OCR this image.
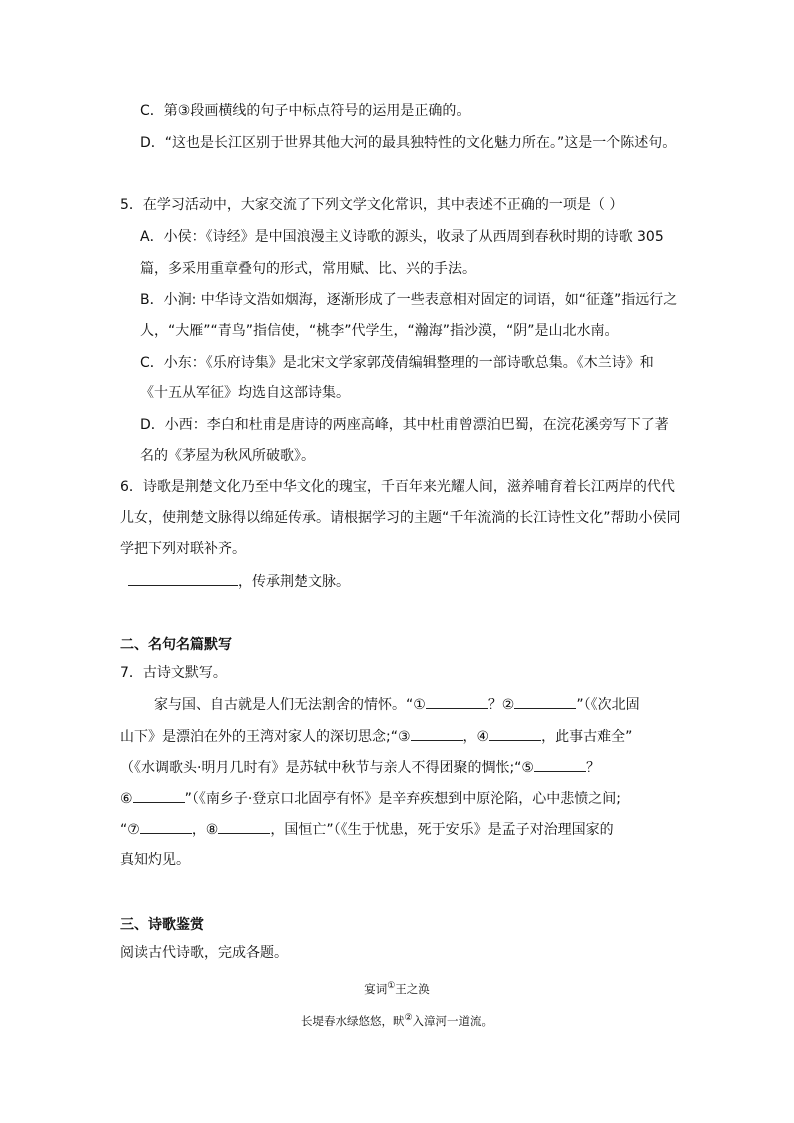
C．第③段画横线的句子中标点符号的运用是正确的。
D．“这也是长江区别于世界其他大河的最具独特性的文化魅力所在。”这是一个陈述句。
5．在学习活动中，大家交流了下列文学文化常识，其中表述不正确的一项是（ ）
A．小侯：《诗经》是中国浪漫主义诗歌的源头，收录了从西周到春秋时期的诗歌 305
篇，多采用重章叠句的形式，常用赋、比、兴的手法。
B．小涧: 中华诗文浩如烟海，逐渐形成了一些表意相对固定的词语，如“征蓬”指远行之
人，“大雁”“青鸟”指信使，“桃李”代学生，“瀚海”指沙漠，“阴”是山北水南。
C．小东：《乐府诗集》是北宋文学家郭茂倩编辑整理的一部诗歌总集。《木兰诗》和
《十五从军征》均选自这部诗集。
D．小西：李白和杜甫是唐诗的两座高峰，其中杜甫曾漂泊巴蜀，在浣花溪旁写下了著
名的《茅屋为秋风所破歌》。
6．诗歌是荆楚文化乃至中华文化的瑰宝，千百年来光耀人间，滋养哺育着长江两岸的代代
儿女，使荆楚文脉得以绵延传承。请根据学习的主题“千年流淌的长江诗性文化”帮助小侯同
学把下列对联补齐。
，传承荆楚文脉。
二、名句名篇默写
7．古诗文默写。
家与国、自古就是人们无法割舍的情怀。“①	？②	”（《次北固
山下》是漂泊在外的王湾对家人的深切思念;“③	，④	，此事古难全”
（《水调歌头·明月几时有》是苏轼中秋节与亲人不得团聚的惆怅;“⑤	？
⑥	”（《南乡子·登京口北固亭有怀》是辛弃疾想到中原沦陷，心中悲愤之间;
“⑦	，⑧	，国恒亡”（《生于忧患，死于安乐》是孟子对治理国家的
真知灼见。
三、诗歌鉴赏
阅读古代诗歌，完成各题。
宴词①王之涣
长堤春水绿悠悠，畎②入漳河一道流。
